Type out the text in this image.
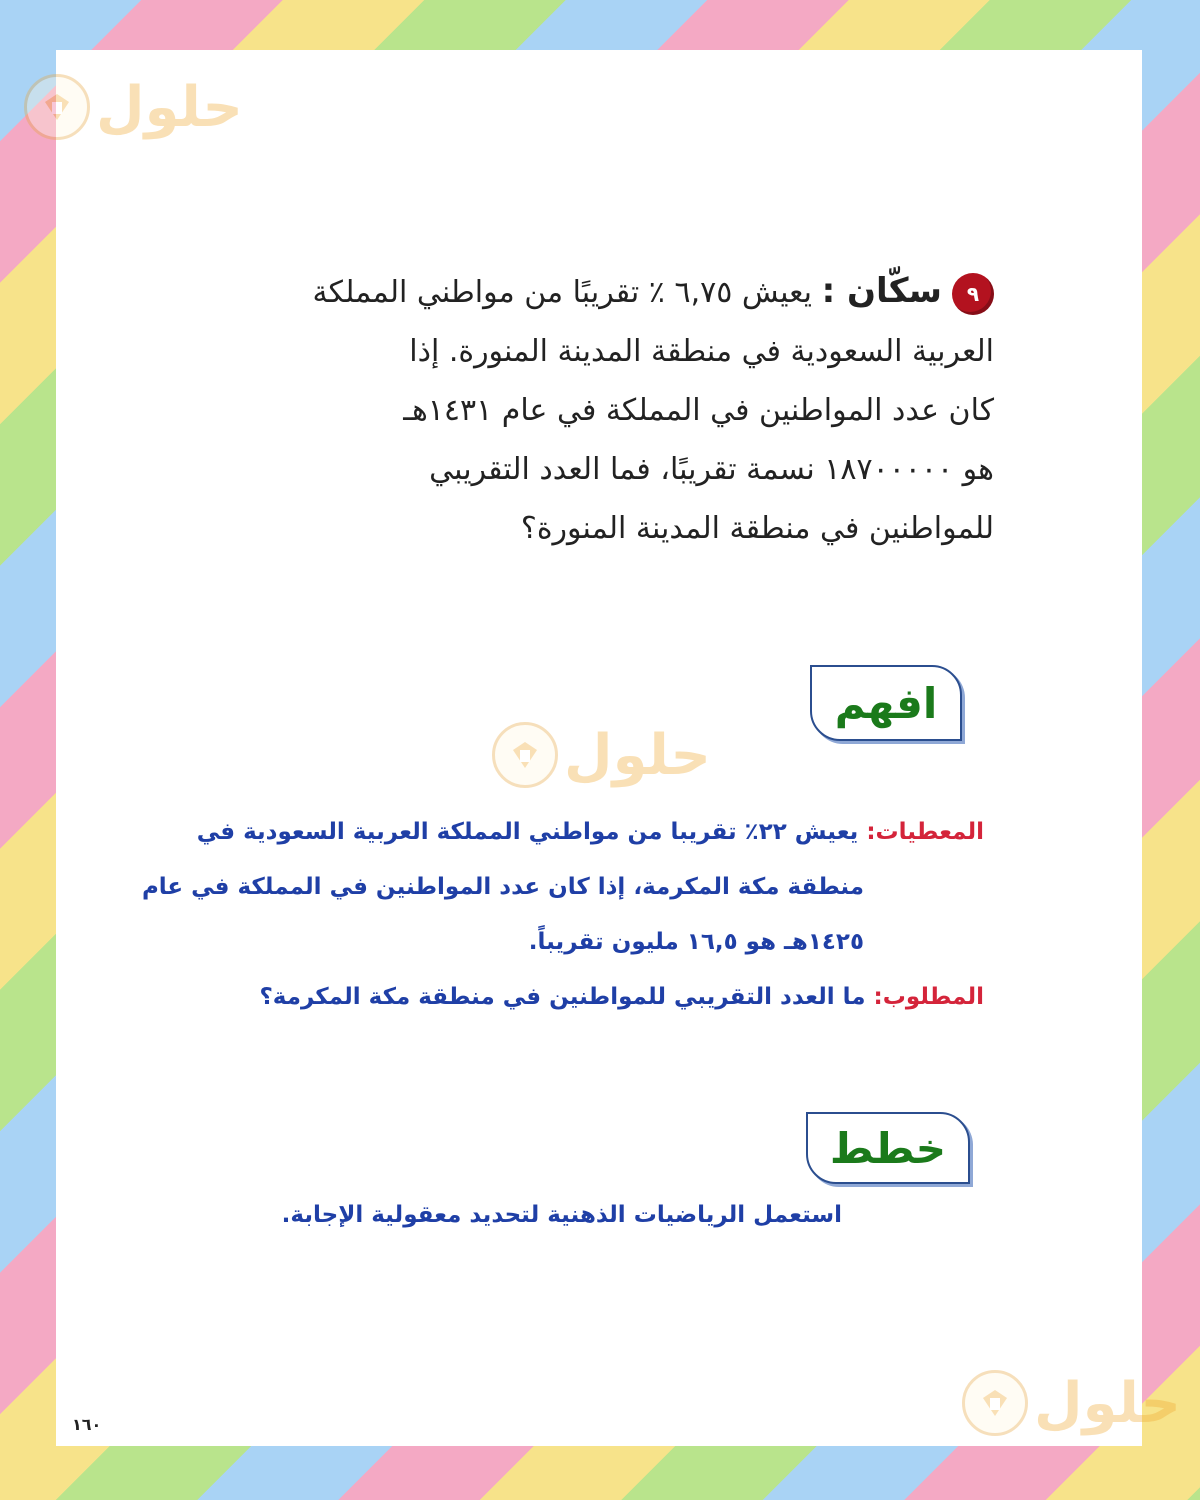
حلول
٩سكّان : يعيش ٦,٧٥ ٪ تقريبًا من مواطني المملكة
العربية السعودية في منطقة المدينة المنورة. إذا
كان عدد المواطنين في المملكة في عام ١٤٣١هـ
هو ١٨٧٠٠٠٠٠ نسمة تقريبًا، فما العدد التقريبي
للمواطنين في منطقة المدينة المنورة؟
افهم
حلول
المعطيات: يعيش ٢٢٪ تقريبا من مواطني المملكة العربية السعودية في
منطقة مكة المكرمة، إذا كان عدد المواطنين في المملكة في عام
١٤٢٥هـ هو ١٦,٥ مليون تقريباً.
المطلوب: ما العدد التقريبي للمواطنين في منطقة مكة المكرمة؟
خطط
استعمل الرياضيات الذهنية لتحديد معقولية الإجابة.
حلول
١٦٠
